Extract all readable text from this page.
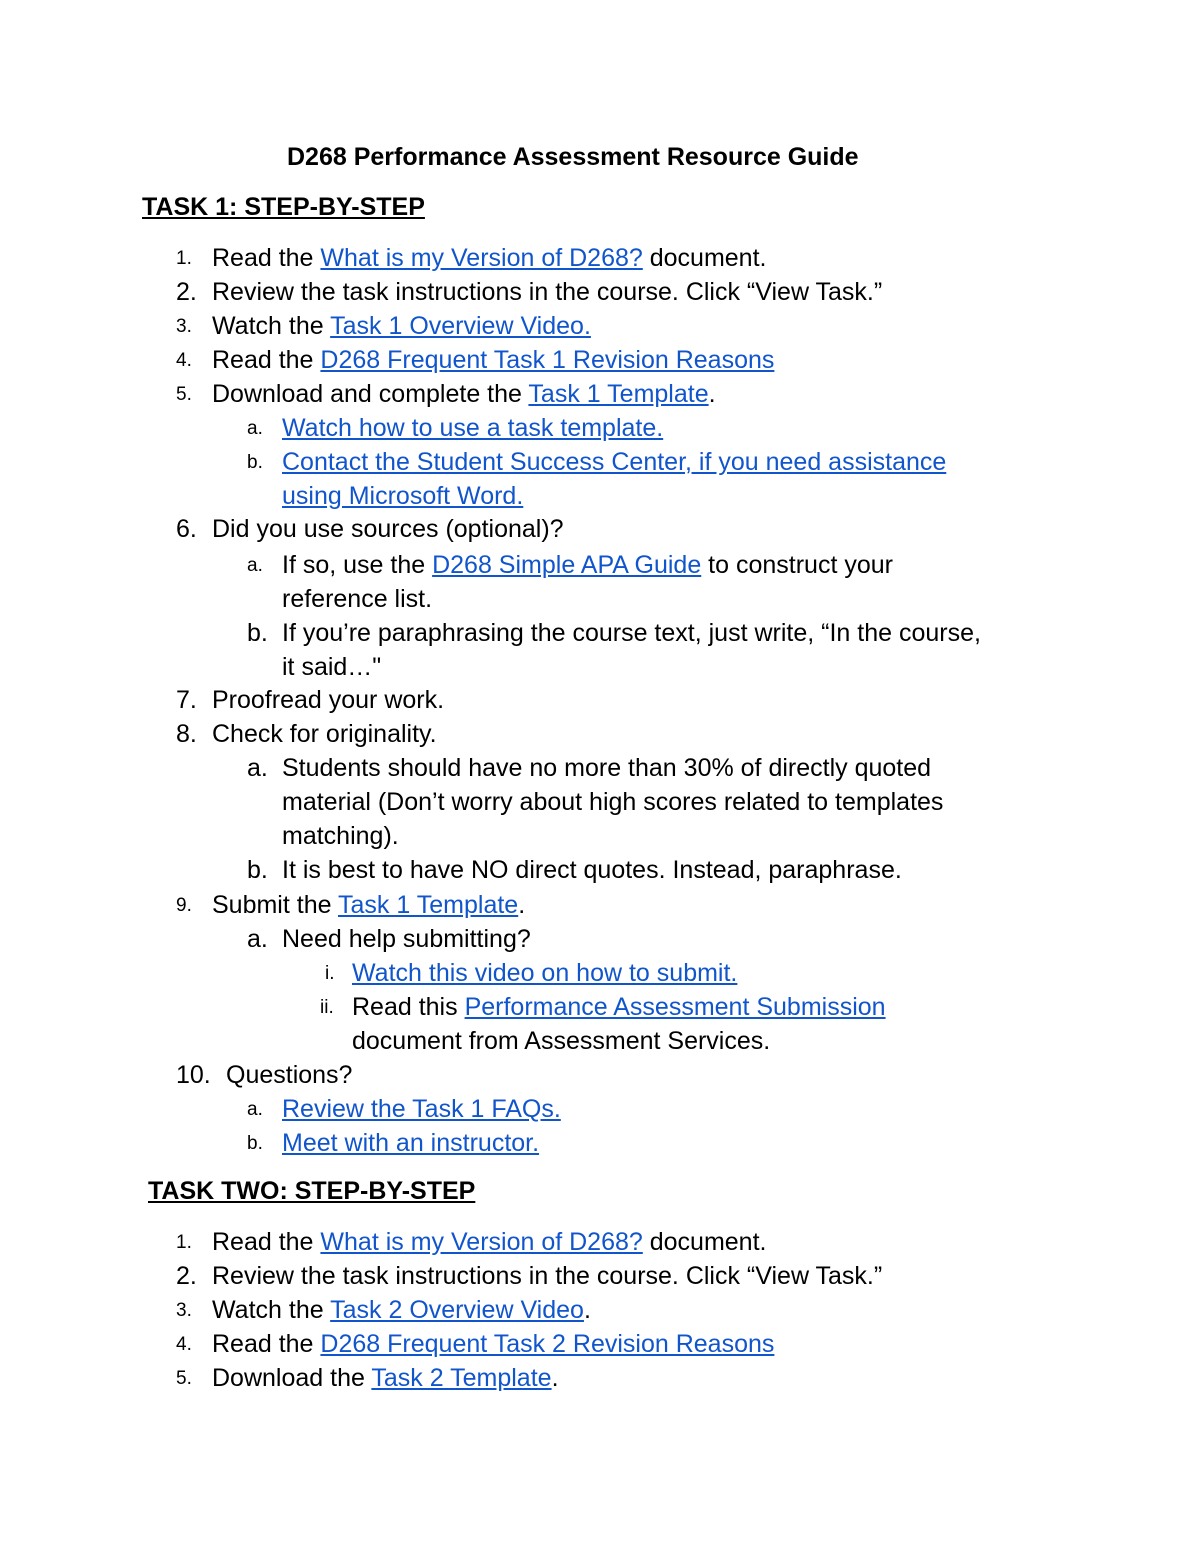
D268 Performance Assessment Resource Guide
TASK 1: STEP-BY-STEP
1. Read the What is my Version of D268? document.
2. Review the task instructions in the course. Click “View Task.”
3. Watch the Task 1 Overview Video.
4. Read the D268 Frequent Task 1 Revision Reasons
5. Download and complete the Task 1 Template.
a. Watch how to use a task template.
b. Contact the Student Success Center, if you need assistance
using Microsoft Word.
6. Did you use sources (optional)?
a. If so, use the D268 Simple APA Guide to construct your
reference list.
b. If you’re paraphrasing the course text, just write, “In the course,
it said…"
7. Proofread your work.
8. Check for originality.
a. Students should have no more than 30% of directly quoted
material (Don’t worry about high scores related to templates
matching).
b. It is best to have NO direct quotes. Instead, paraphrase.
9. Submit the Task 1 Template.
a. Need help submitting?
i. Watch this video on how to submit.
ii. Read this Performance Assessment Submission
document from Assessment Services.
10. Questions?
a. Review the Task 1 FAQs.
b. Meet with an instructor.
TASK TWO: STEP-BY-STEP
1. Read the What is my Version of D268? document.
2. Review the task instructions in the course. Click “View Task.”
3. Watch the Task 2 Overview Video.
4. Read the D268 Frequent Task 2 Revision Reasons
5. Download the Task 2 Template.
